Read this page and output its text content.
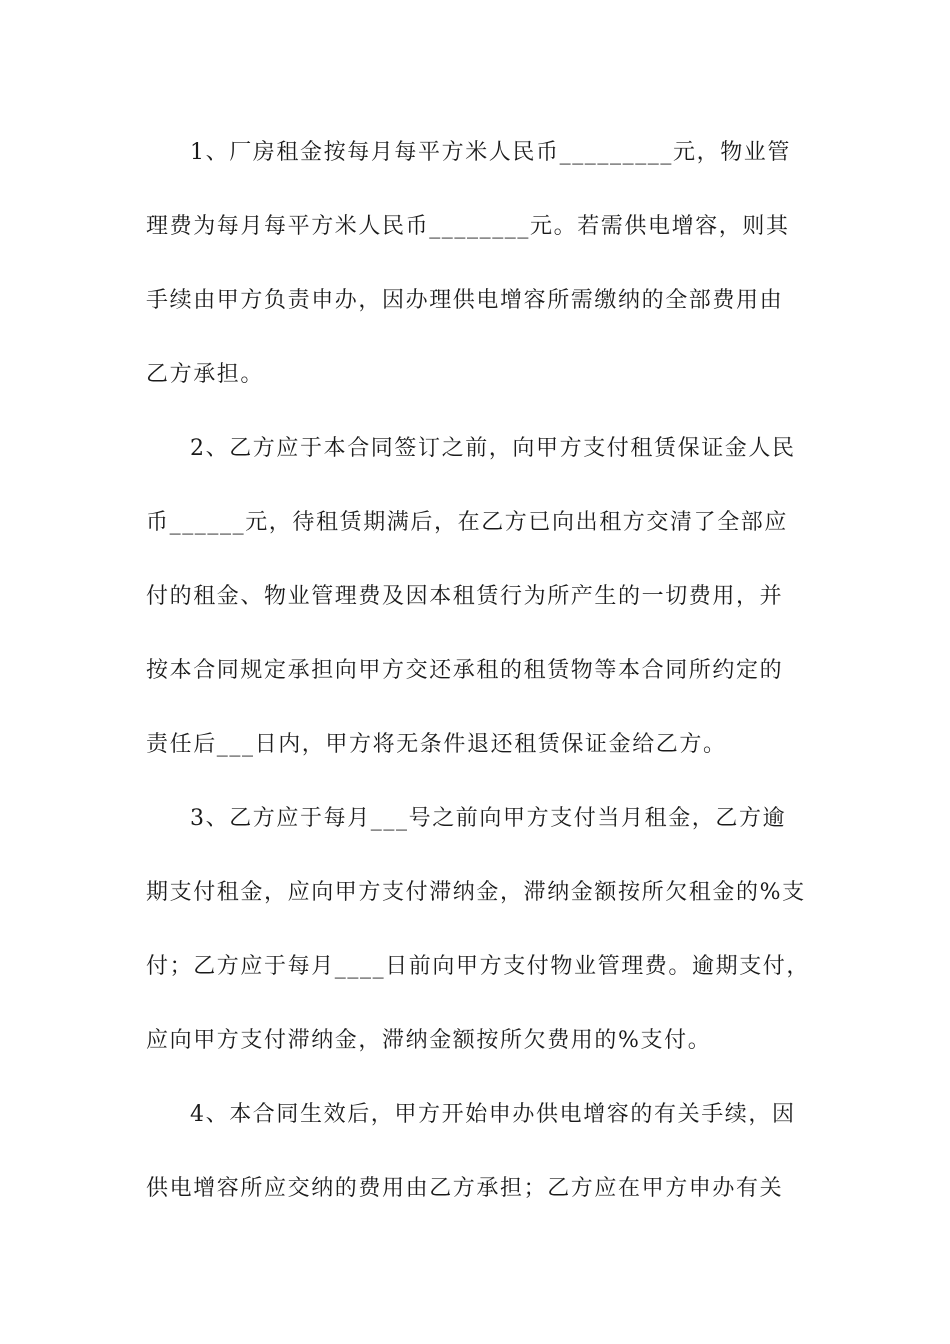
1、厂房租金按每月每平方米人民币_________元，物业管
理费为每月每平方米人民币________元。若需供电增容，则其
手续由甲方负责申办，因办理供电增容所需缴纳的全部费用由
乙方承担。
2、乙方应于本合同签订之前，向甲方支付租赁保证金人民
币______元，待租赁期满后，在乙方已向出租方交清了全部应
付的租金、物业管理费及因本租赁行为所产生的一切费用，并
按本合同规定承担向甲方交还承租的租赁物等本合同所约定的
责任后___日内，甲方将无条件退还租赁保证金给乙方。
3、乙方应于每月___号之前向甲方支付当月租金，乙方逾
期支付租金，应向甲方支付滞纳金，滞纳金额按所欠租金的%支
付；乙方应于每月____日前向甲方支付物业管理费。逾期支付，
应向甲方支付滞纳金，滞纳金额按所欠费用的%支付。
4、本合同生效后，甲方开始申办供电增容的有关手续，因
供电增容所应交纳的费用由乙方承担；乙方应在甲方申办有关
